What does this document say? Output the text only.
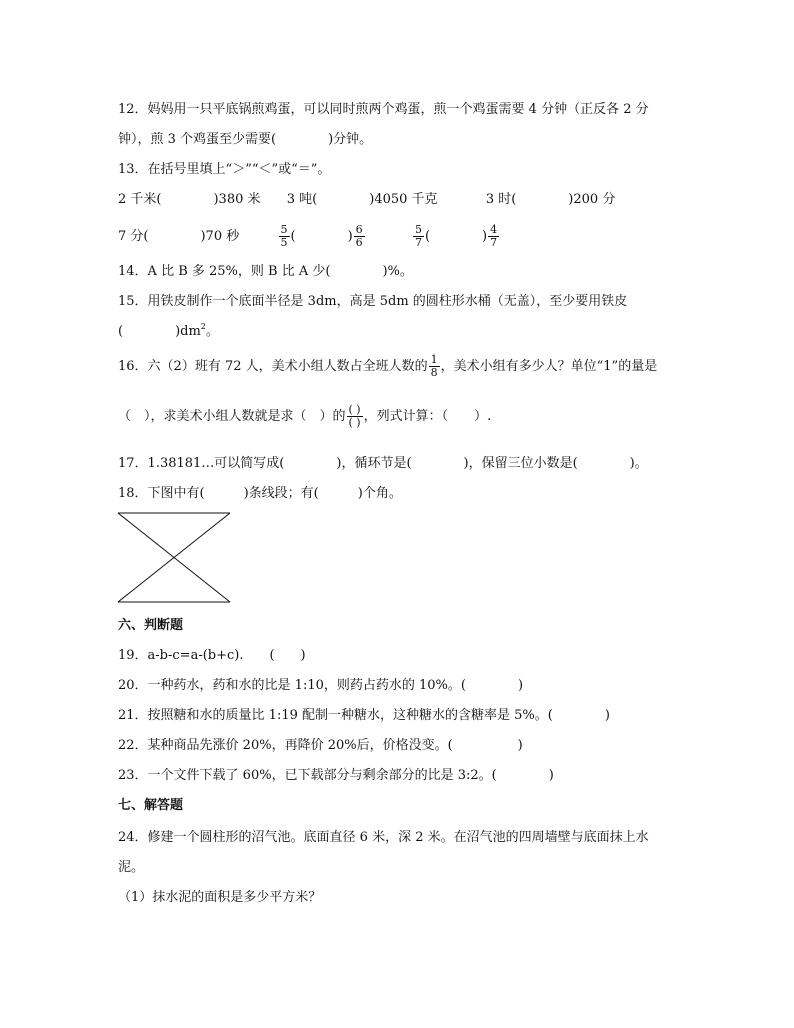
12．妈妈用一只平底锅煎鸡蛋，可以同时煎两个鸡蛋，煎一个鸡蛋需要 4 分钟（正反各 2 分
钟），煎 3 个鸡蛋至少需要(　　　　)分钟。
13．在括号里填上“＞”“＜”或“＝”。
2 千米(　　　　)380 米 3 吨(　　　　)4050 千克	3 时(　　　　)200 分
7 分(　　　　)70 秒	$\frac{5}{5}$ (　　　　) $\frac{6}{6}$
	$\frac{5}{7}$ (　　　　) $\frac{4}{7}$
14．A 比 B 多 25%，则 B 比 A 少(　　　　)%。
15．用铁皮制作一个底面半径是 3dm，高是 5dm 的圆柱形水桶（无盖），至少要用铁皮
(　　　　)$dm^2$。
16．六（2）班有 72 人，美术小组人数占全班人数的 $\frac{1}{8}$ ，美术小组有多少人？单位“1”的量是
（　），求美术小组人数就是求（　）的 $\frac{( )}{( )}$ ，列式计算：（　　）.
17．1.38181…可以简写成(　　　　)，循环节是(　　　　)，保留三位小数是(　　　　)。
18．下图中有(　　　)条线段；有(　　　)个角。
六、判断题
19．a-b-c=a-(b+c).　　(　　)
20．一种药水，药和水的比是 1:10，则药占药水的 10%。(　　　　)
21．按照糖和水的质量比 1:19 配制一种糖水，这种糖水的含糖率是 5%。(　　　　)
22．某种商品先涨价 20%，再降价 20%后，价格没变。(　　　　　)
23．一个文件下载了 60%，已下载部分与剩余部分的比是 3:2。(　　　　)
七、解答题
24．修建一个圆柱形的沼气池。底面直径 6 米，深 2 米。在沼气池的四周墙壁与底面抹上水
泥。
（1）抹水泥的面积是多少平方米？
